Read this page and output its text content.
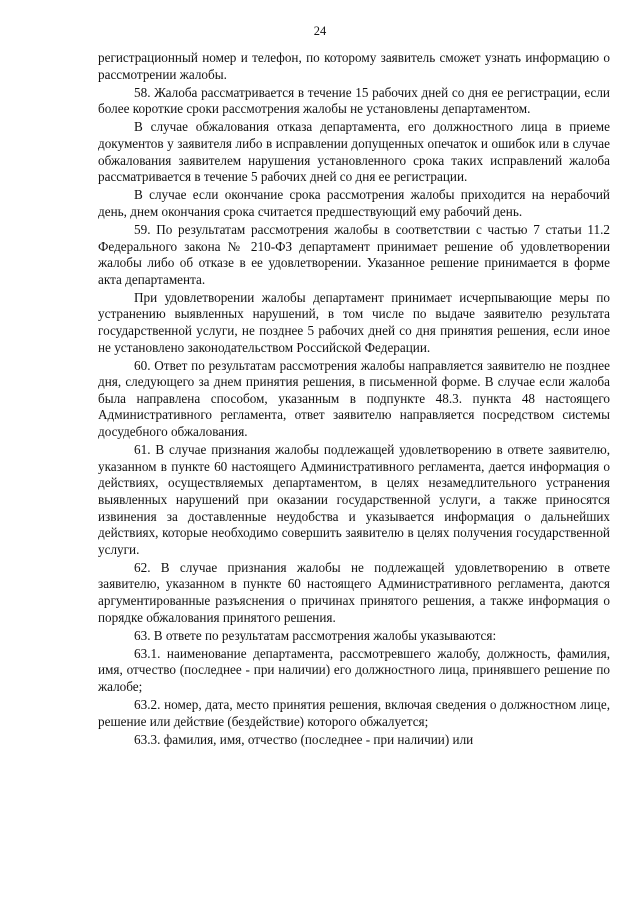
24

регистрационный номер и телефон, по которому заявитель сможет узнать информацию о рассмотрении жалобы.

58. Жалоба рассматривается в течение 15 рабочих дней со дня ее регистрации, если более короткие сроки рассмотрения жалобы не установлены департаментом.

В случае обжалования отказа департамента, его должностного лица в приеме документов у заявителя либо в исправлении допущенных опечаток и ошибок или в случае обжалования заявителем нарушения установленного срока таких исправлений жалоба рассматривается в течение 5 рабочих дней со дня ее регистрации.

В случае если окончание срока рассмотрения жалобы приходится на нерабочий день, днем окончания срока считается предшествующий ему рабочий день.

59. По результатам рассмотрения жалобы в соответствии с частью 7 статьи 11.2 Федерального закона № 210-ФЗ департамент принимает решение об удовлетворении жалобы либо об отказе в ее удовлетворении. Указанное решение принимается в форме акта департамента.

При удовлетворении жалобы департамент принимает исчерпывающие меры по устранению выявленных нарушений, в том числе по выдаче заявителю результата государственной услуги, не позднее 5 рабочих дней со дня принятия решения, если иное не установлено законодательством Российской Федерации.

60. Ответ по результатам рассмотрения жалобы направляется заявителю не позднее дня, следующего за днем принятия решения, в письменной форме. В случае если жалоба была направлена способом, указанным в подпункте 48.3. пункта 48 настоящего Административного регламента, ответ заявителю направляется посредством системы досудебного обжалования.

61. В случае признания жалобы подлежащей удовлетворению в ответе заявителю, указанном в пункте 60 настоящего Административного регламента, дается информация о действиях, осуществляемых департаментом, в целях незамедлительного устранения выявленных нарушений при оказании государственной услуги, а также приносятся извинения за доставленные неудобства и указывается информация о дальнейших действиях, которые необходимо совершить заявителю в целях получения государственной услуги.

62. В случае признания жалобы не подлежащей удовлетворению в ответе заявителю, указанном в пункте 60 настоящего Административного регламента, даются аргументированные разъяснения о причинах принятого решения, а также информация о порядке обжалования принятого решения.

63. В ответе по результатам рассмотрения жалобы указываются:

63.1. наименование департамента, рассмотревшего жалобу, должность, фамилия, имя, отчество (последнее - при наличии) его должностного лица, принявшего решение по жалобе;

63.2. номер, дата, место принятия решения, включая сведения о должностном лице, решение или действие (бездействие) которого обжалуется;

63.3. фамилия, имя, отчество (последнее - при наличии) или
